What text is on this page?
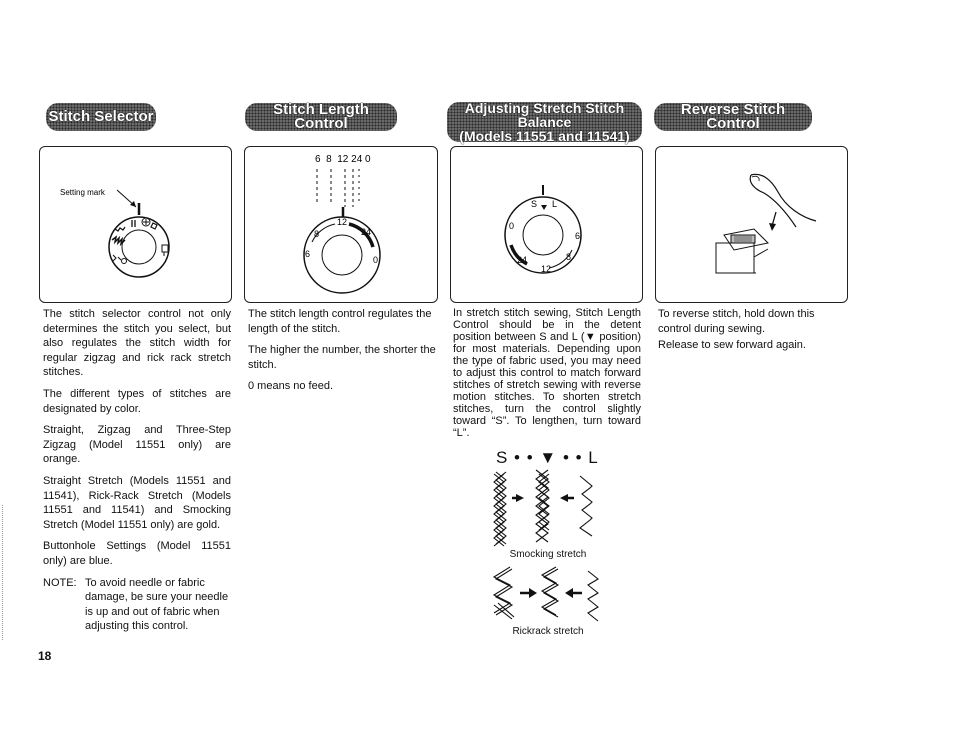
Stitch Selector	Stitch Length Control
Adjusting Stretch Stitch Balance
(Models 11551 and 11541)
Reverse Stitch Control
Setting mark
6  8  12 24 0
12
24
8
6
0
S L
0
6
8
12
24

The stitch selector control not only determines the stitch you select, but also regulates the stitch width for regular zigzag and rick rack stretch stitches.

The different types of stitches are designated by color.

Straight, Zigzag and Three-Step Zigzag (Model 11551 only) are orange.

Straight Stretch (Models 11551 and 11541), Rick-Rack Stretch (Models 11551 and 11541) and Smocking Stretch (Model 11551 only) are gold.

Buttonhole Settings (Model 11551 only) are blue.

NOTE: To avoid needle or fabric damage, be sure your needle is up and out of fabric when adjusting this control.

The stitch length control regulates the length of the stitch.

The higher the number, the shorter the stitch.

0 means no feed.

In stretch stitch sewing, Stitch Length Control should be in the detent position between S and L (▼ position) for most materials. Depending upon the type of fabric used, you may need to adjust this control to match forward stitches of stretch sewing with reverse motion stitches. To shorten stretch stitches, turn the control slightly toward “S”. To lengthen, turn toward “L”.

S • • ▼ • • L
Smocking stretch
Rickrack stretch

To reverse stitch, hold down this control during sewing.

Release to sew forward again.

18
